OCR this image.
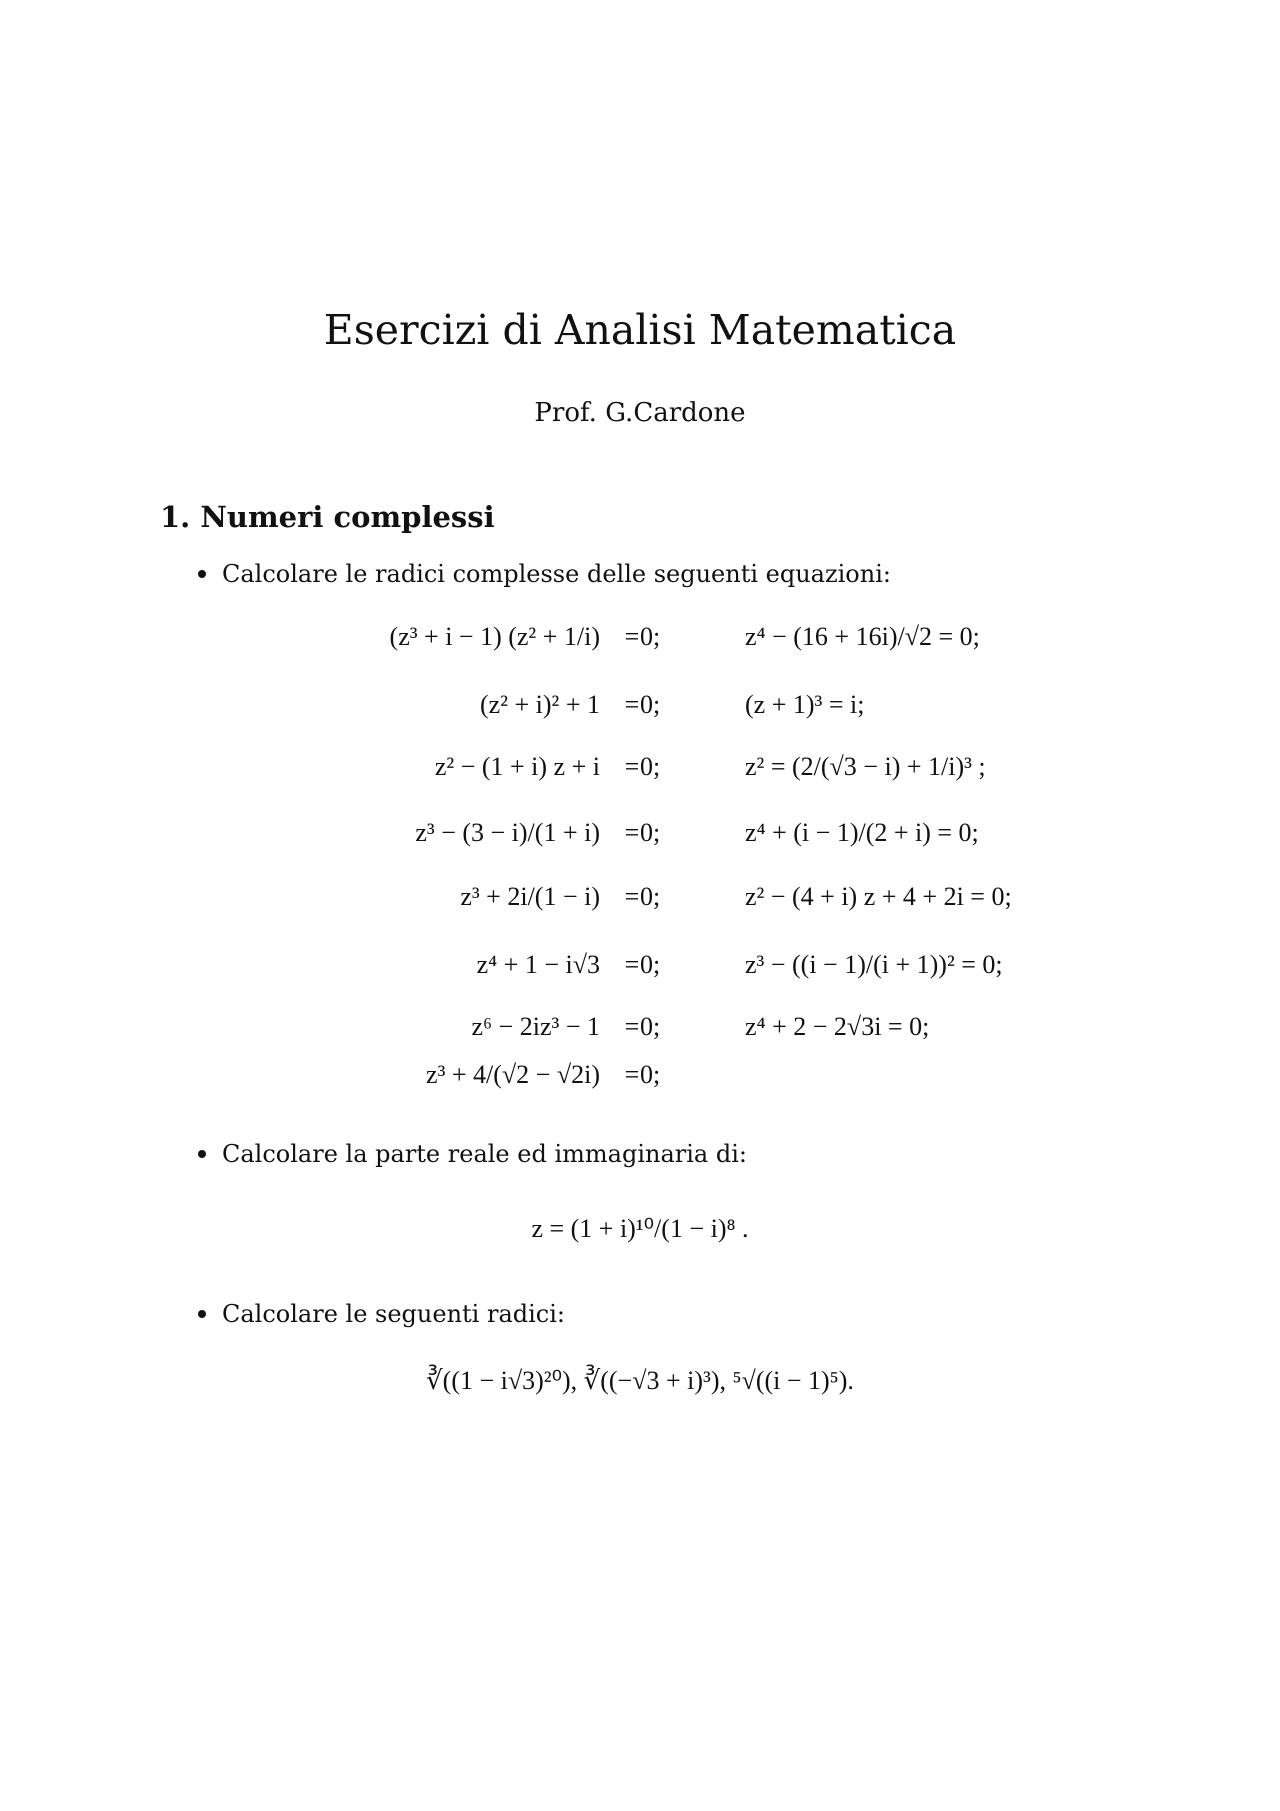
Esercizi di Analisi Matematica
Prof. G.Cardone
1. Numeri complessi
Calcolare le radici complesse delle seguenti equazioni:
(z³ + i − 1) (z² + 1/i) = 0;	z⁴ − (16 + 16i)/√2 = 0;
(z² + i)² + 1 = 0;	(z + 1)³ = i;
z² − (1 + i) z + i = 0;	z² = (2/(√3 − i) + 1/i)³ ;
z³ − (3 − i)/(1 + i) = 0;	z⁴ + (i − 1)/(2 + i) = 0;
z³ + 2i/(1 − i) = 0;	z² − (4 + i) z + 4 + 2i = 0;
z⁴ + 1 − i√3 = 0;	z³ − ((i − 1)/(i + 1))² = 0;
z⁶ − 2iz³ − 1 = 0;	z⁴ + 2 − 2√3i = 0;
z³ + 4/(√2 − √2i) = 0;
Calcolare la parte reale ed immaginaria di:
z = (1 + i)¹⁰/(1 − i)⁸ .
Calcolare le seguenti radici:
∛((1 − i√3)²⁰), ∛((−√3 + i)³), ⁵√((i − 1)⁵).
